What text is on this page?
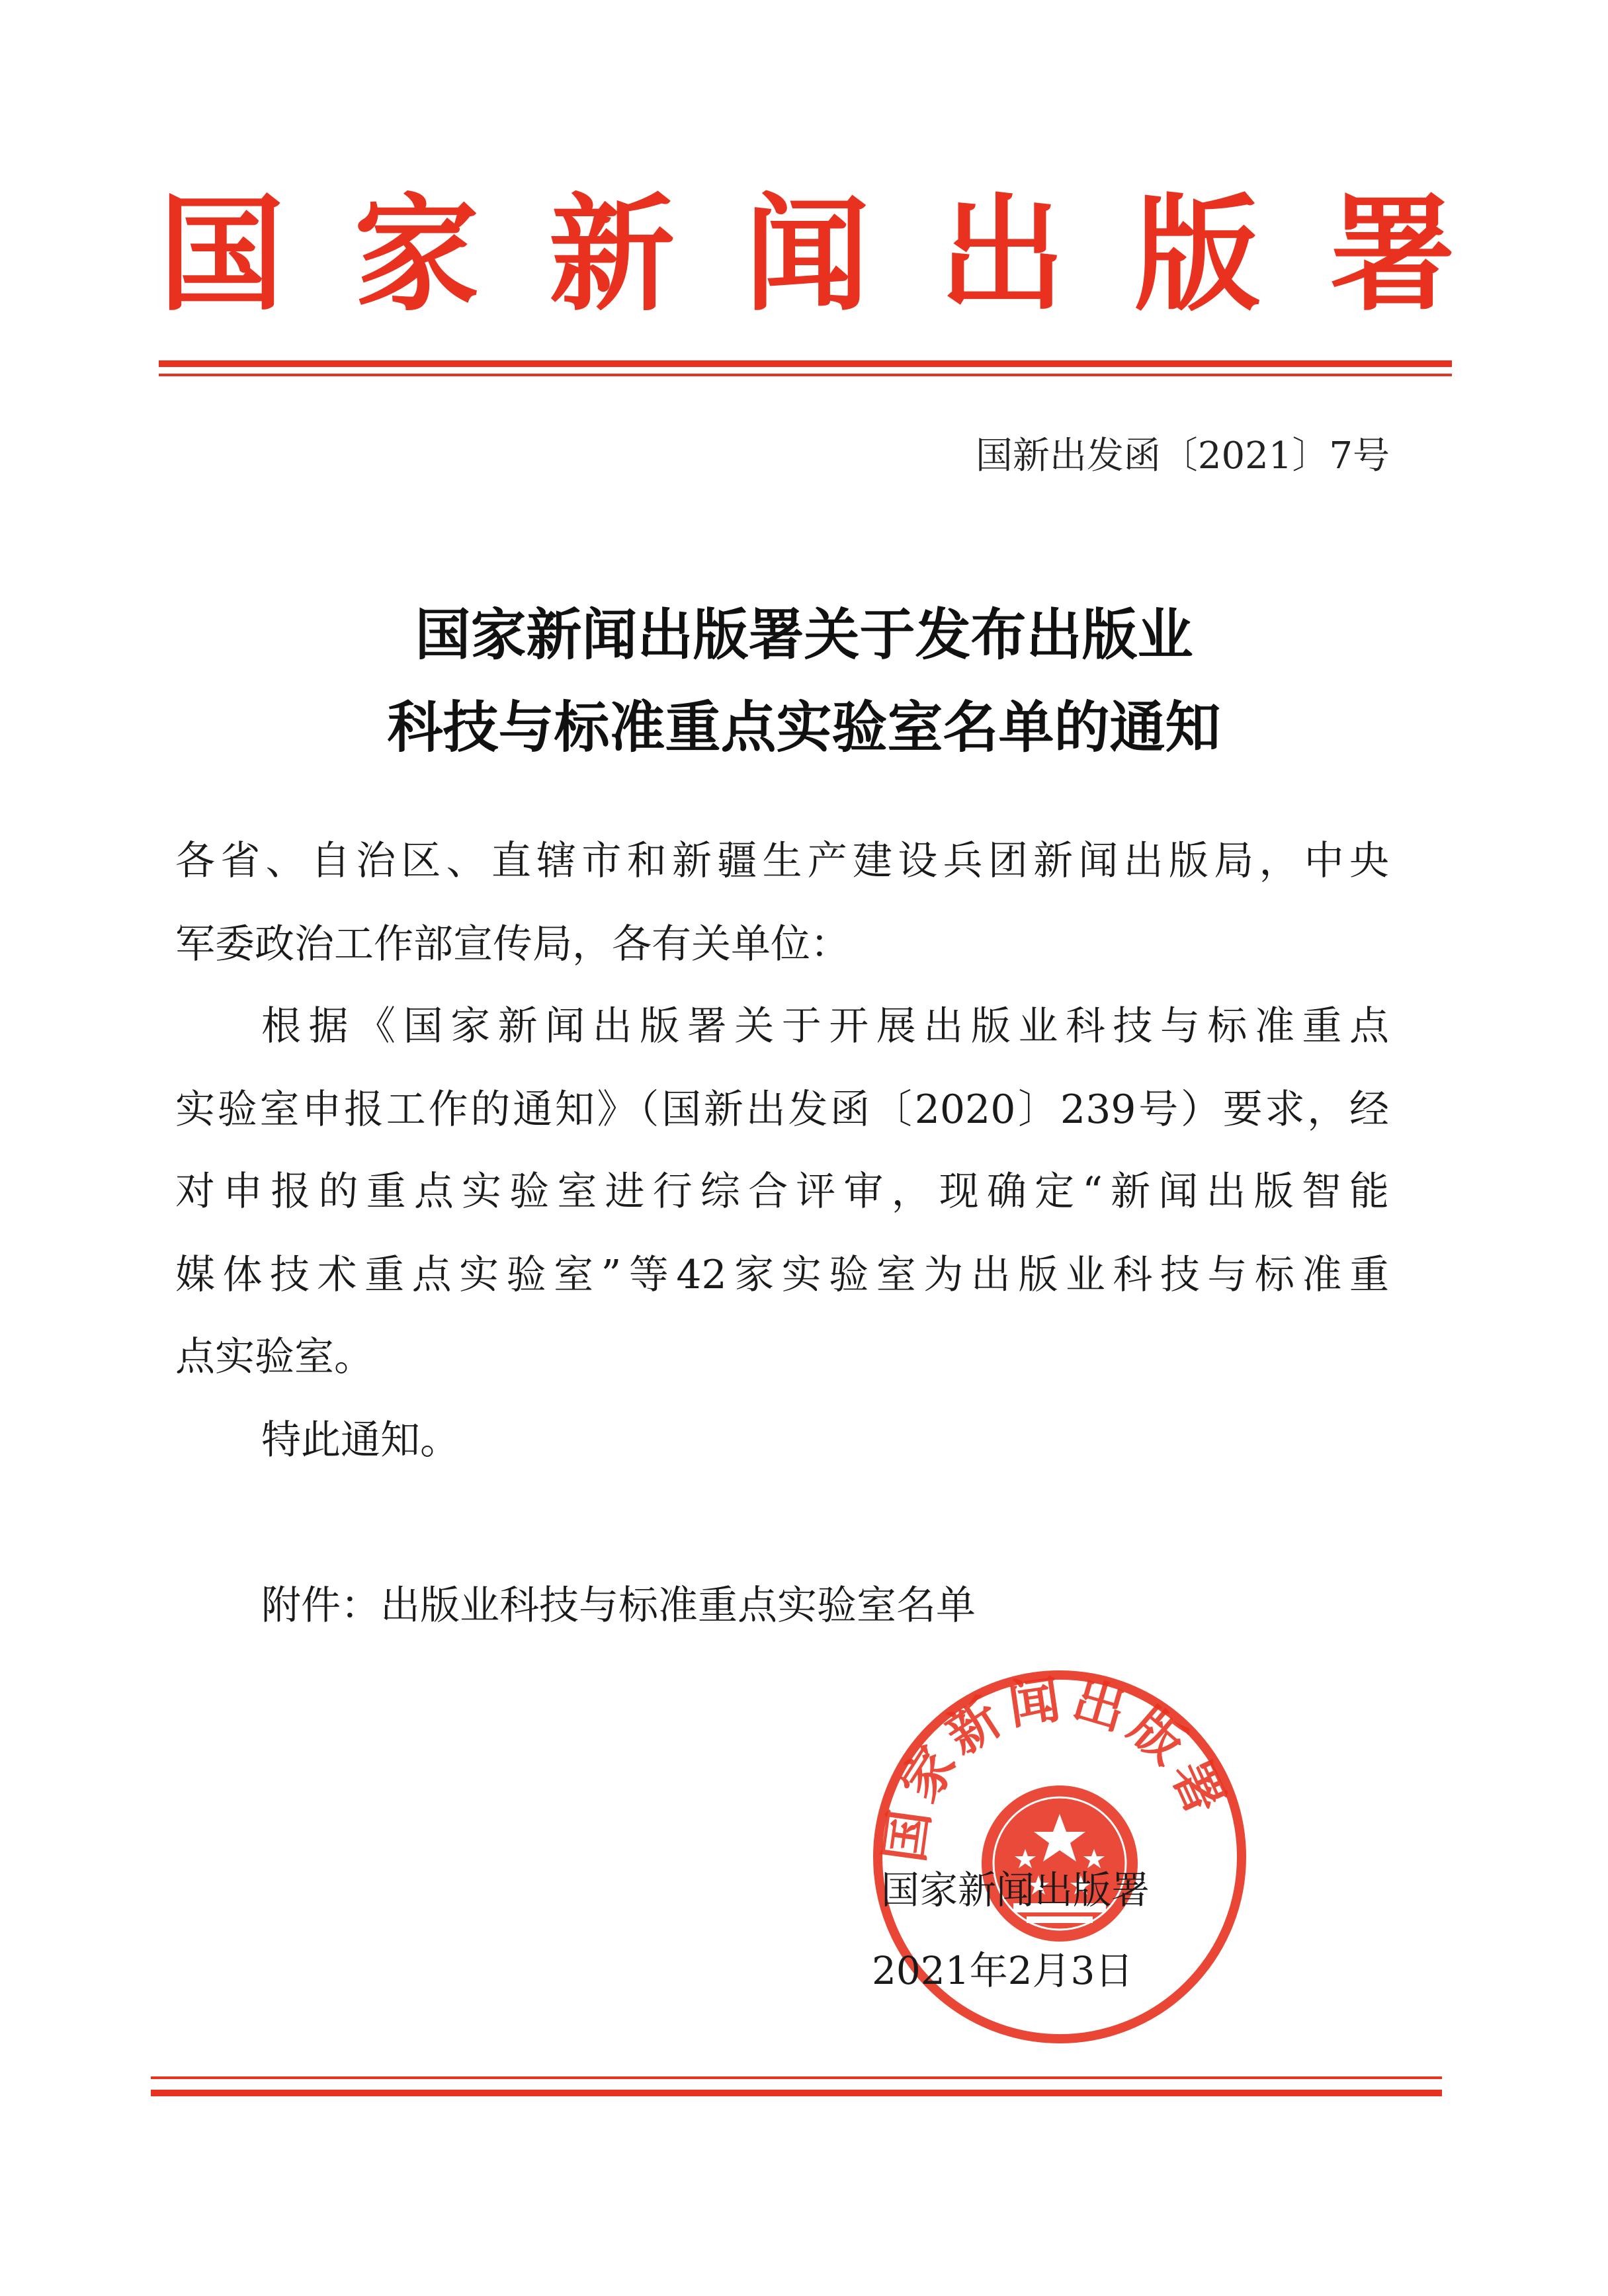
国家新闻出版署
国新出发函〔2021〕7号
国家新闻出版署关于发布出版业
科技与标准重点实验室名单的通知
各省、自治区、直辖市和新疆生产建设兵团新闻出版局，中央
军委政治工作部宣传局，各有关单位：
根据《国家新闻出版署关于开展出版业科技与标准重点
实验室申报工作的通知》（国新出发函〔2020〕239号）要求，经
对申报的重点实验室进行综合评审，现确定“新闻出版智能
媒体技术重点实验室”等42家实验室为出版业科技与标准重
点实验室。
特此通知。
附件：出版业科技与标准重点实验室名单
国家新闻出版署
国家新闻出版署
2021年2月3日
